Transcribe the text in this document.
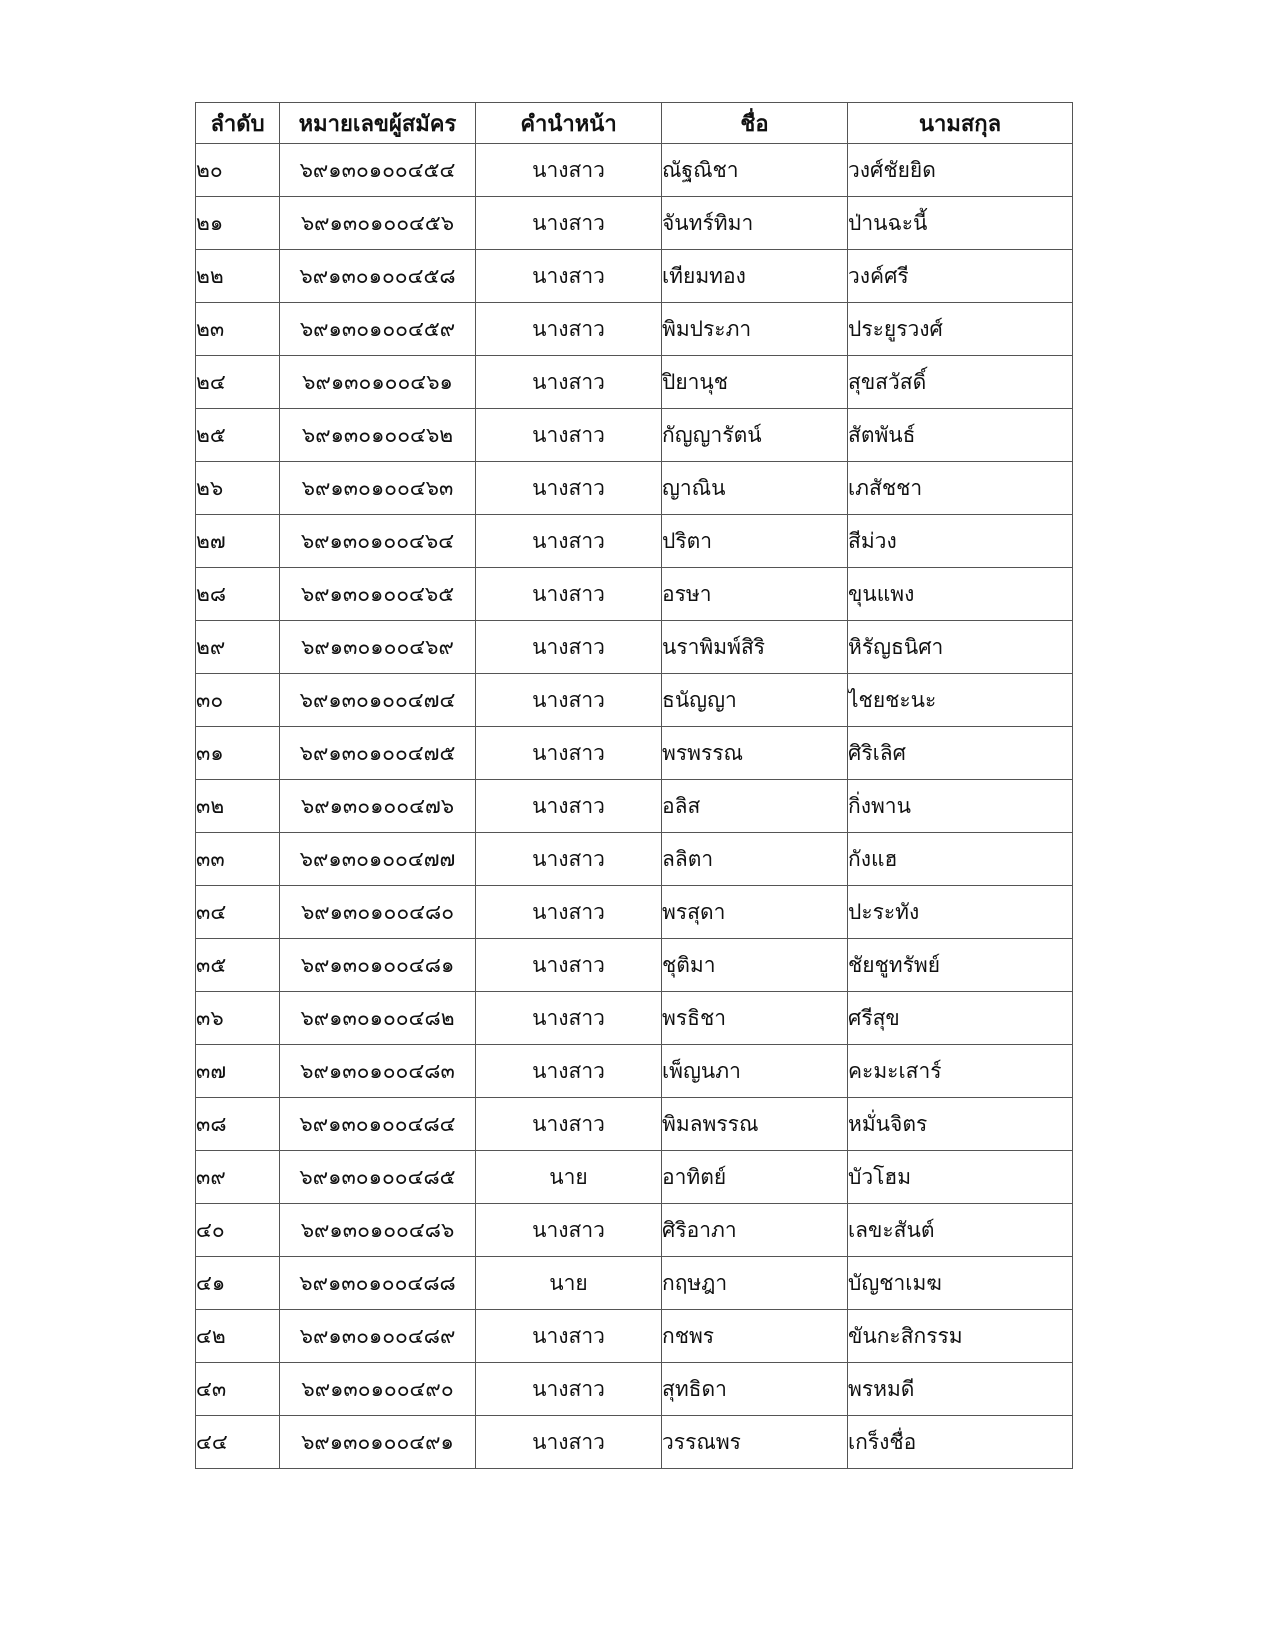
ลำดับ	หมายเลขผู้สมัคร	คำนำหน้า	ชื่อ	นามสกุล
๒๐	๖๙๑๓๐๑๐๐๔๕๔	นางสาว	ณัฐณิชา	วงศ์ชัยยิด
๒๑	๖๙๑๓๐๑๐๐๔๕๖	นางสาว	จันทร์ทิมา	ป่านฉะนี้
๒๒	๖๙๑๓๐๑๐๐๔๕๘	นางสาว	เทียมทอง	วงค์ศรี
๒๓	๖๙๑๓๐๑๐๐๔๕๙	นางสาว	พิมประภา	ประยูรวงศ์
๒๔	๖๙๑๓๐๑๐๐๔๖๑	นางสาว	ปิยานุช	สุขสวัสดิ์
๒๕	๖๙๑๓๐๑๐๐๔๖๒	นางสาว	กัญญารัตน์	สัตพันธ์
๒๖	๖๙๑๓๐๑๐๐๔๖๓	นางสาว	ญาณิน	เภสัชชา
๒๗	๖๙๑๓๐๑๐๐๔๖๔	นางสาว	ปริตา	สีม่วง
๒๘	๖๙๑๓๐๑๐๐๔๖๕	นางสาว	อรษา	ขุนแพง
๒๙	๖๙๑๓๐๑๐๐๔๖๙	นางสาว	นราพิมพ์สิริ	หิรัญธนิศา
๓๐	๖๙๑๓๐๑๐๐๔๗๔	นางสาว	ธนัญญา	ไชยชะนะ
๓๑	๖๙๑๓๐๑๐๐๔๗๕	นางสาว	พรพรรณ	ศิริเลิศ
๓๒	๖๙๑๓๐๑๐๐๔๗๖	นางสาว	อลิส	กิ่งพาน
๓๓	๖๙๑๓๐๑๐๐๔๗๗	นางสาว	ลลิตา	กังแฮ
๓๔	๖๙๑๓๐๑๐๐๔๘๐	นางสาว	พรสุดา	ปะระทัง
๓๕	๖๙๑๓๐๑๐๐๔๘๑	นางสาว	ชุติมา	ชัยชูทรัพย์
๓๖	๖๙๑๓๐๑๐๐๔๘๒	นางสาว	พรธิชา	ศรีสุข
๓๗	๖๙๑๓๐๑๐๐๔๘๓	นางสาว	เพ็ญนภา	คะมะเสาร์
๓๘	๖๙๑๓๐๑๐๐๔๘๔	นางสาว	พิมลพรรณ	หมั่นจิตร
๓๙	๖๙๑๓๐๑๐๐๔๘๕	นาย	อาทิตย์	บัวโฮม
๔๐	๖๙๑๓๐๑๐๐๔๘๖	นางสาว	ศิริอาภา	เลขะสันต์
๔๑	๖๙๑๓๐๑๐๐๔๘๘	นาย	กฤษฎา	บัญชาเมฆ
๔๒	๖๙๑๓๐๑๐๐๔๘๙	นางสาว	กชพร	ขันกะสิกรรม
๔๓	๖๙๑๓๐๑๐๐๔๙๐	นางสาว	สุทธิดา	พรหมดี
๔๔	๖๙๑๓๐๑๐๐๔๙๑	นางสาว	วรรณพร	เกร็งชื่อ
